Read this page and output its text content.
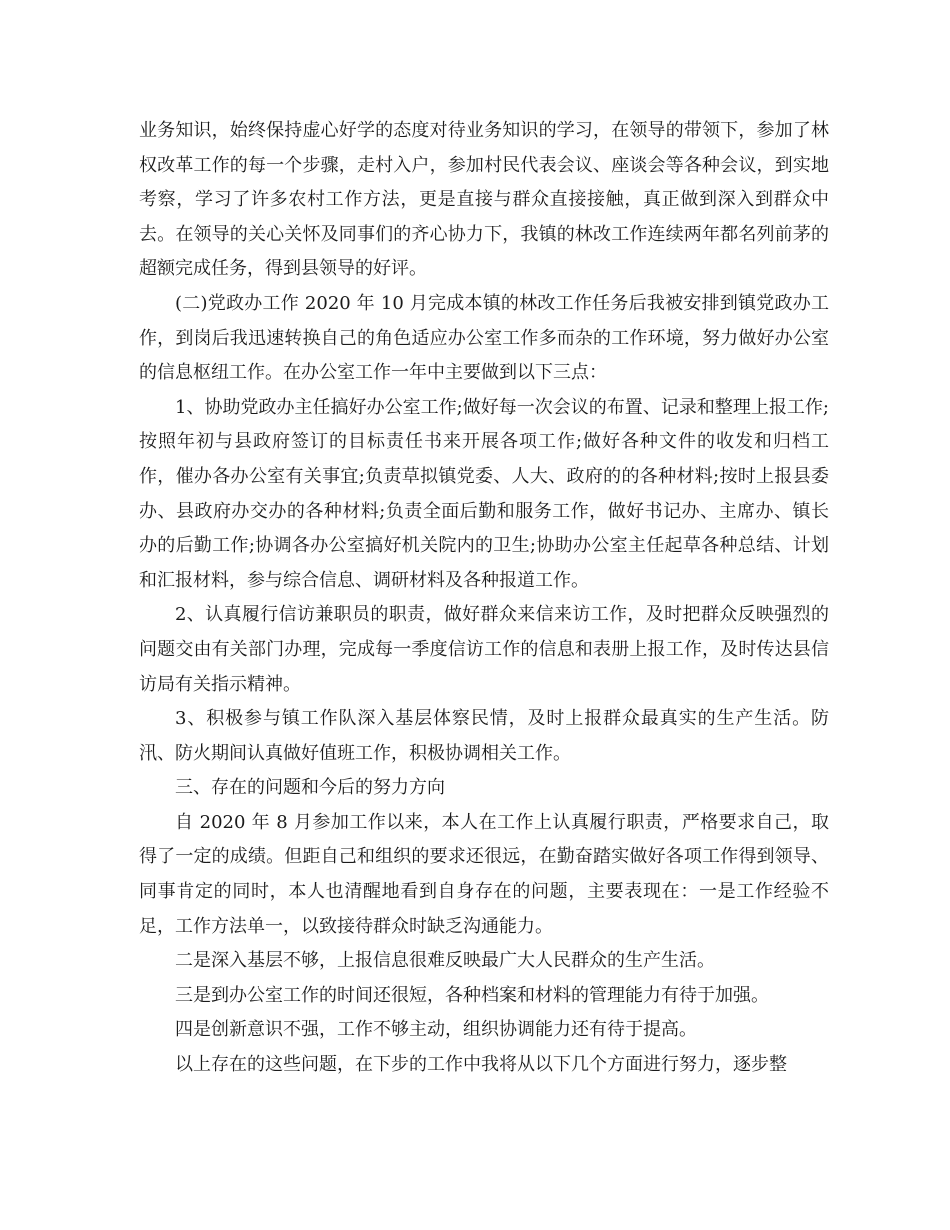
业务知识，始终保持虚心好学的态度对待业务知识的学习，在领导的带领下，参加了林权改革工作的每一个步骤，走村入户，参加村民代表会议、座谈会等各种会议，到实地考察，学习了许多农村工作方法，更是直接与群众直接接触，真正做到深入到群众中去。在领导的关心关怀及同事们的齐心协力下，我镇的林改工作连续两年都名列前茅的超额完成任务，得到县领导的好评。

(二)党政办工作 2020 年 10 月完成本镇的林改工作任务后我被安排到镇党政办工作，到岗后我迅速转换自己的角色适应办公室工作多而杂的工作环境，努力做好办公室的信息枢纽工作。在办公室工作一年中主要做到以下三点：

1、协助党政办主任搞好办公室工作;做好每一次会议的布置、记录和整理上报工作;按照年初与县政府签订的目标责任书来开展各项工作;做好各种文件的收发和归档工作，催办各办公室有关事宜;负责草拟镇党委、人大、政府的的各种材料;按时上报县委办、县政府办交办的各种材料;负责全面后勤和服务工作，做好书记办、主席办、镇长办的后勤工作;协调各办公室搞好机关院内的卫生;协助办公室主任起草各种总结、计划和汇报材料，参与综合信息、调研材料及各种报道工作。

2、认真履行信访兼职员的职责，做好群众来信来访工作，及时把群众反映强烈的问题交由有关部门办理，完成每一季度信访工作的信息和表册上报工作，及时传达县信访局有关指示精神。

3、积极参与镇工作队深入基层体察民情，及时上报群众最真实的生产生活。防汛、防火期间认真做好值班工作，积极协调相关工作。

三、存在的问题和今后的努力方向

自 2020 年 8 月参加工作以来，本人在工作上认真履行职责，严格要求自己，取得了一定的成绩。但距自己和组织的要求还很远，在勤奋踏实做好各项工作得到领导、同事肯定的同时，本人也清醒地看到自身存在的问题，主要表现在：一是工作经验不足，工作方法单一，以致接待群众时缺乏沟通能力。

二是深入基层不够，上报信息很难反映最广大人民群众的生产生活。

三是到办公室工作的时间还很短，各种档案和材料的管理能力有待于加强。

四是创新意识不强，工作不够主动，组织协调能力还有待于提高。

以上存在的这些问题，在下步的工作中我将从以下几个方面进行努力，逐步整
